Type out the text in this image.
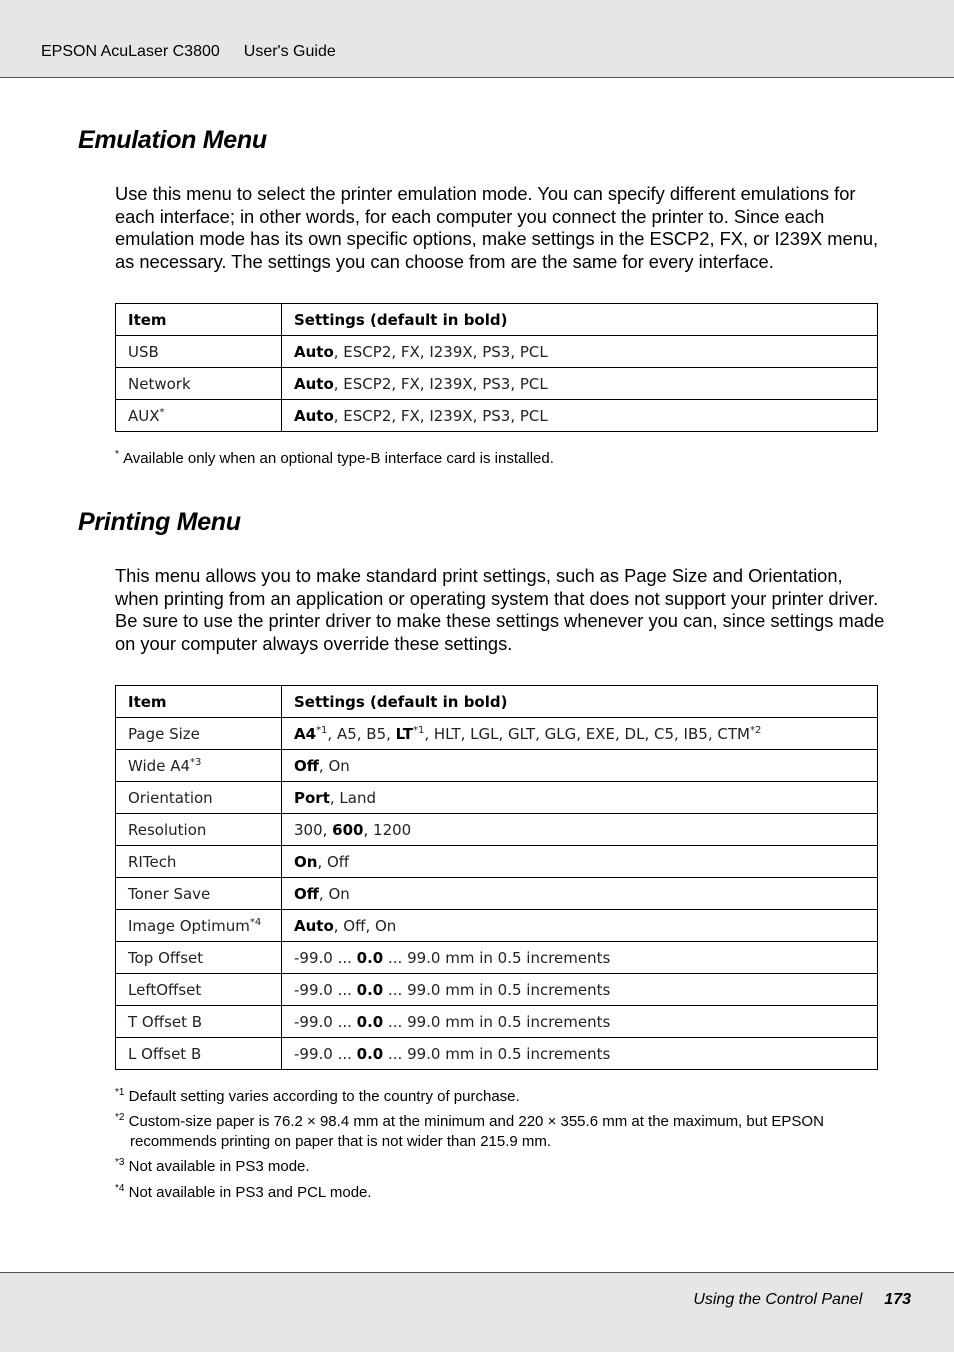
EPSON AcuLaser C3800 User's Guide
Emulation Menu

Use this menu to select the printer emulation mode. You can specify different emulations for each interface; in other words, for each computer you connect the printer to. Since each emulation mode has its own specific options, make settings in the ESCP2, FX, or I239X menu, as necessary. The settings you can choose from are the same for every interface.

Item	Settings (default in bold)
USB	Auto, ESCP2, FX, I239X, PS3, PCL
Network	Auto, ESCP2, FX, I239X, PS3, PCL
AUX*	Auto, ESCP2, FX, I239X, PS3, PCL
* Available only when an optional type-B interface card is installed.
Printing Menu

This menu allows you to make standard print settings, such as Page Size and Orientation, when printing from an application or operating system that does not support your printer driver. Be sure to use the printer driver to make these settings whenever you can, since settings made on your computer always override these settings.

Item	Settings (default in bold)
Page Size	A4$^{*1}$, A5, B5, LT$^{*1}$, HLT, LGL, GLT, GLG, EXE, DL, C5, IB5, CTM$^{*2}$
Wide A4$^{*3}$	Off, On
Orientation	Port, Land
Resolution	300, 600, 1200
RITech	On, Off
Toner Save	Off, On
Image Optimum$^{*4}$	Auto, Off, On
Top Offset	-99.0 ... 0.0 ... 99.0 mm in 0.5 increments
LeftOffset	-99.0 ... 0.0 ... 99.0 mm in 0.5 increments
T Offset B	-99.0 ... 0.0 ... 99.0 mm in 0.5 increments
L Offset B	-99.0 ... 0.0 ... 99.0 mm in 0.5 increments
$^{*1}$ Default setting varies according to the country of purchase.
$^{*2}$ Custom-size paper is 76.2 × 98.4 mm at the minimum and 220 × 355.6 mm at the maximum, but EPSON
recommends printing on paper that is not wider than 215.9 mm.
$^{*3}$ Not available in PS3 mode.
$^{*4}$ Not available in PS3 and PCL mode.
Using the Control Panel 173
